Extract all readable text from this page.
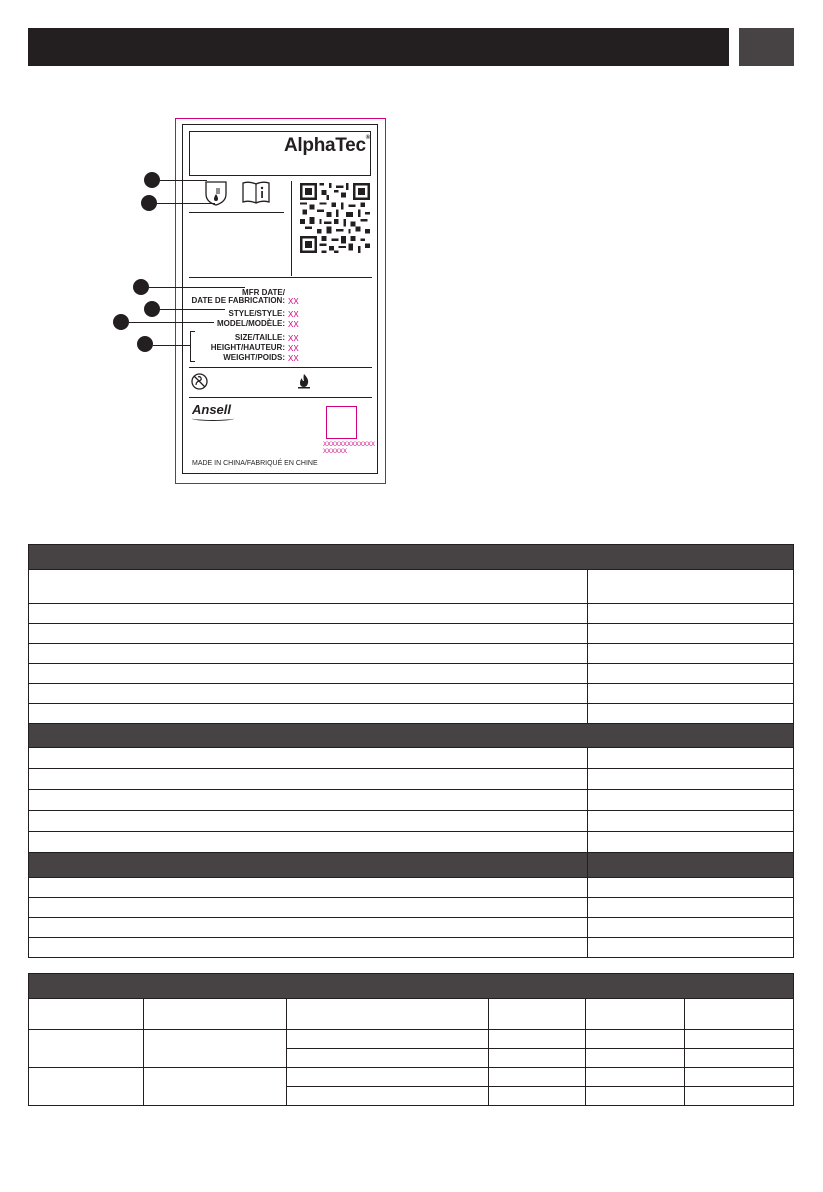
AlphaTec®
MFR DATE/
DATE DE FABRICATION: XX
STYLE/STYLE: XX
MODEL/MODÈLE: XX
SIZE/TAILLE: XX
HEIGHT/HAUTEUR: XX
WEIGHT/POIDS: XX
Ansell
XXXXXXXXXXXXX
XXXXXX
MADE IN CHINA/FABRIQUÉ EN CHINE
